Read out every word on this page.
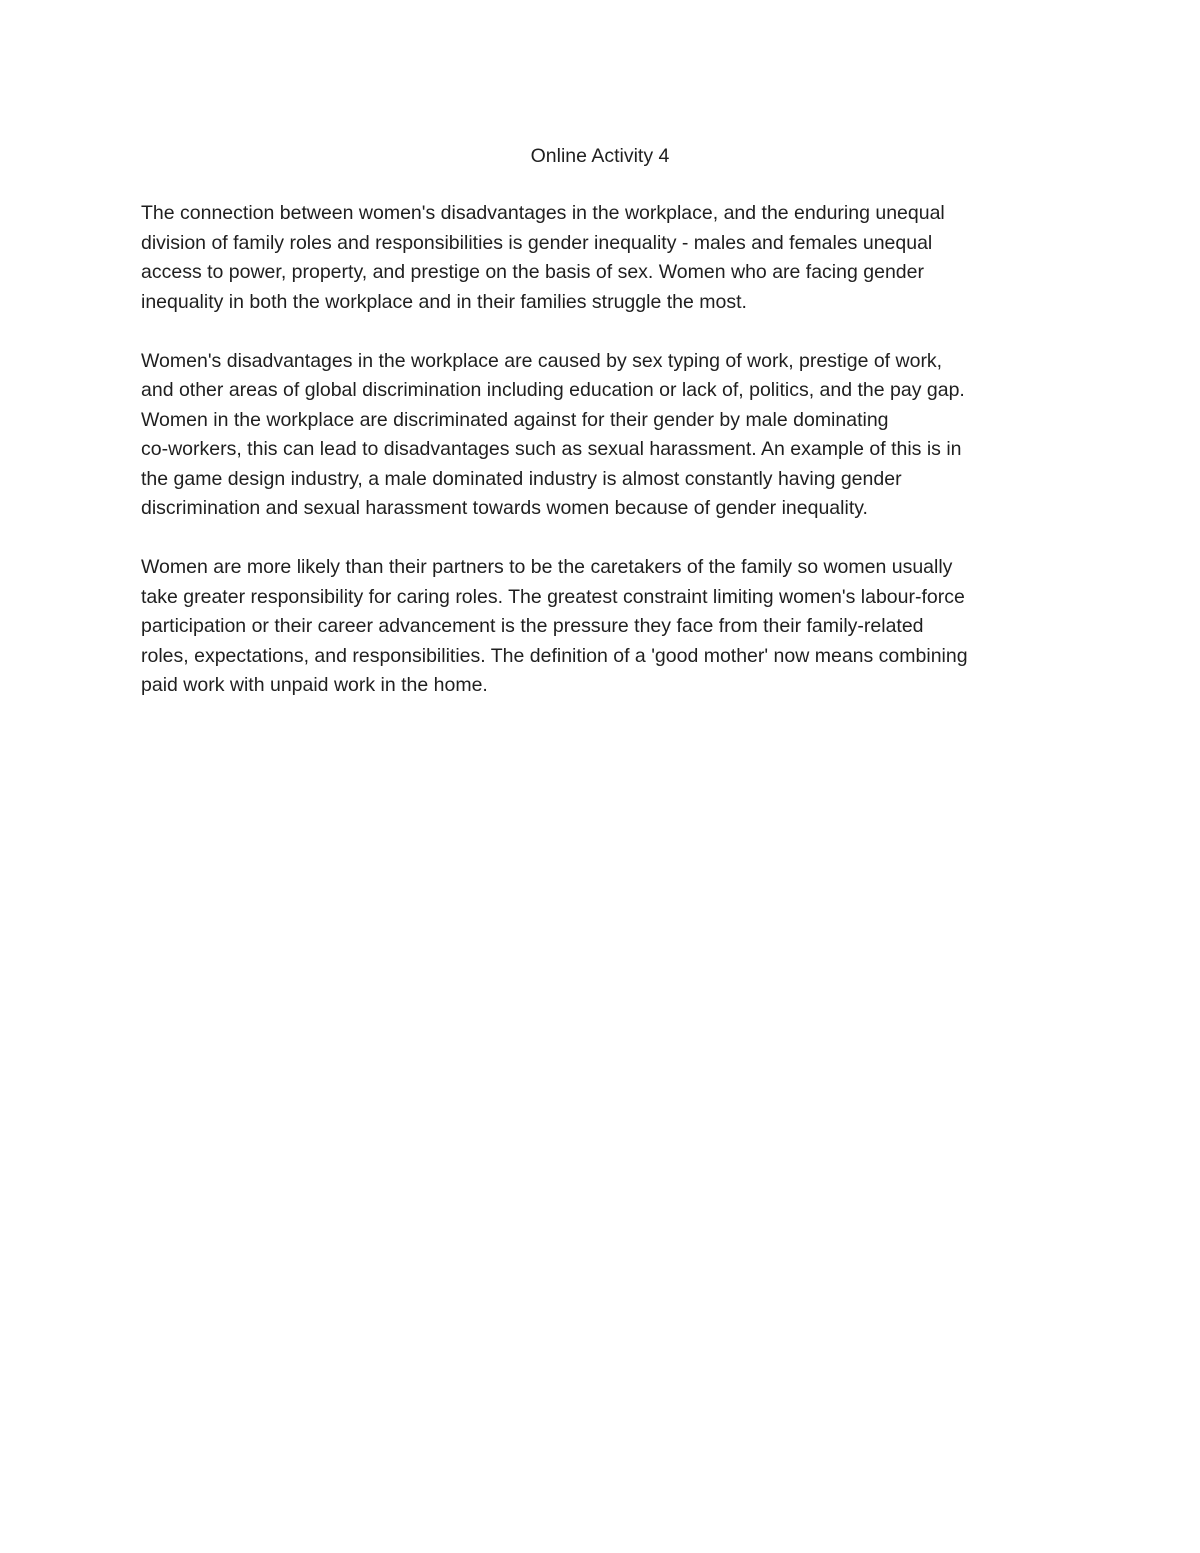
Online Activity 4

The connection between women's disadvantages in the workplace, and the enduring unequal
division of family roles and responsibilities is gender inequality - males and females unequal
access to power, property, and prestige on the basis of sex. Women who are facing gender
inequality in both the workplace and in their families struggle the most.

Women's disadvantages in the workplace are caused by sex typing of work, prestige of work,
and other areas of global discrimination including education or lack of, politics, and the pay gap.
Women in the workplace are discriminated against for their gender by male dominating
co-workers, this can lead to disadvantages such as sexual harassment. An example of this is in
the game design industry, a male dominated industry is almost constantly having gender
discrimination and sexual harassment towards women because of gender inequality.

Women are more likely than their partners to be the caretakers of the family so women usually
take greater responsibility for caring roles. The greatest constraint limiting women's labour-force
participation or their career advancement is the pressure they face from their family-related
roles, expectations, and responsibilities. The definition of a 'good mother' now means combining
paid work with unpaid work in the home.
